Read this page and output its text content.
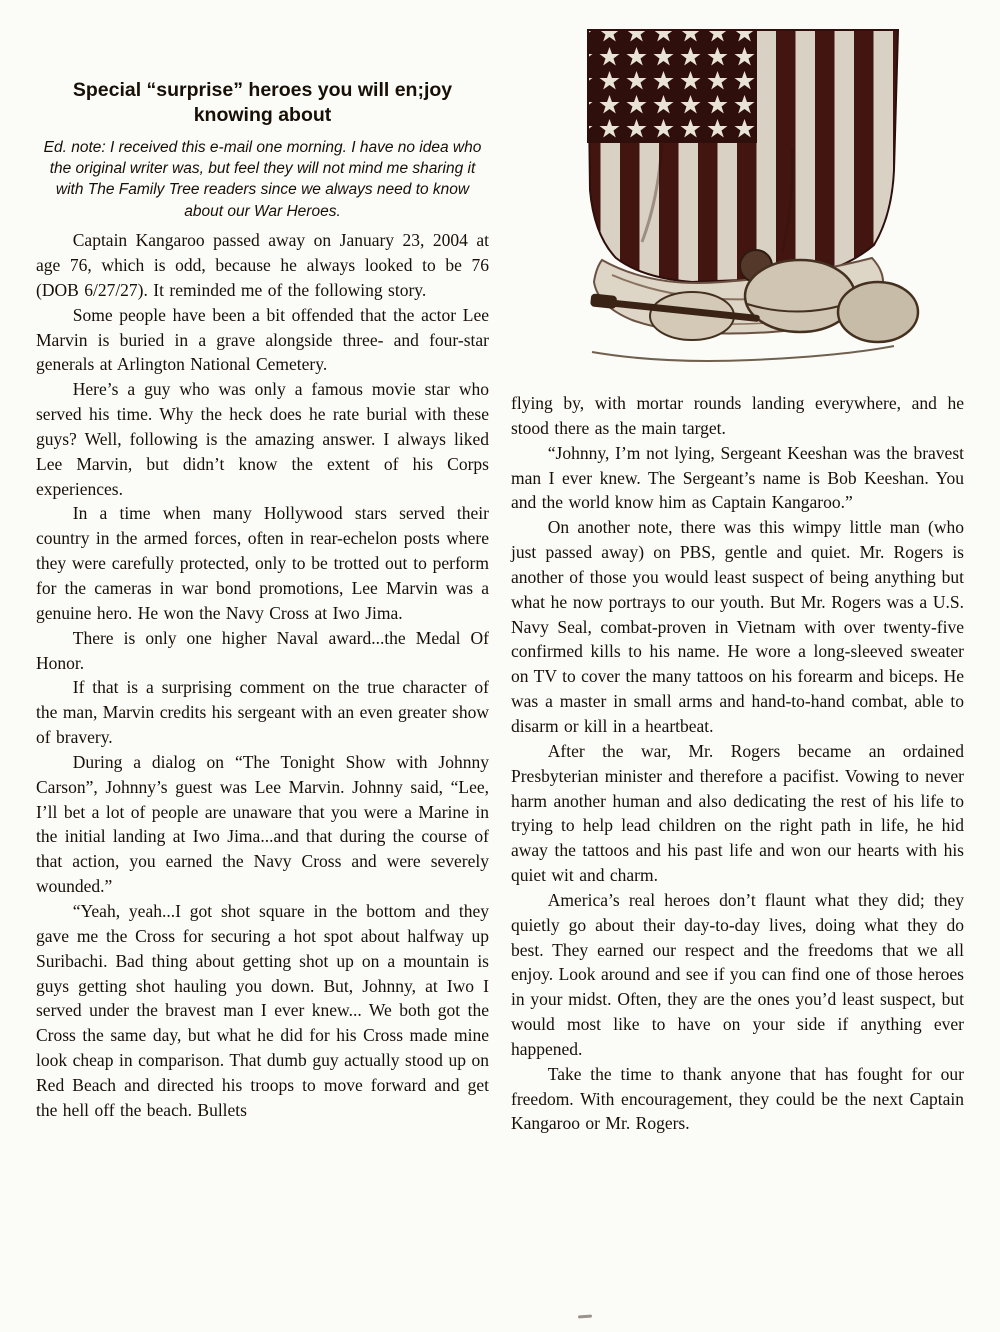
Special “surprise” heroes you will en;joy
knowing about

Ed. note: I received this e-mail one morning. I have no idea who the original writer was, but feel they will not mind me sharing it with The Family Tree readers since we always need to know about our War Heroes.

Captain Kangaroo passed away on January 23, 2004 at age 76, which is odd, because he always looked to be 76 (DOB 6/27/27). It reminded me of the following story.

Some people have been a bit offended that the actor Lee Marvin is buried in a grave alongside three- and four-star generals at Arlington National Cemetery.

Here’s a guy who was only a famous movie star who served his time. Why the heck does he rate burial with these guys? Well, following is the amazing answer. I always liked Lee Marvin, but didn’t know the extent of his Corps experiences.

In a time when many Hollywood stars served their country in the armed forces, often in rear-echelon posts where they were carefully protected, only to be trotted out to perform for the cameras in war bond promotions, Lee Marvin was a genuine hero. He won the Navy Cross at Iwo Jima.

There is only one higher Naval award...the Medal Of Honor.

If that is a surprising comment on the true character of the man, Marvin credits his sergeant with an even greater show of bravery.

During a dialog on “The Tonight Show with Johnny Carson”, Johnny’s guest was Lee Marvin. Johnny said, “Lee, I’ll bet a lot of people are unaware that you were a Marine in the initial landing at Iwo Jima...and that during the course of that action, you earned the Navy Cross and were severely wounded.”

“Yeah, yeah...I got shot square in the bottom and they gave me the Cross for securing a hot spot about halfway up Suribachi. Bad thing about getting shot up on a mountain is guys getting shot hauling you down. But, Johnny, at Iwo I served under the bravest man I ever knew... We both got the Cross the same day, but what he did for his Cross made mine look cheap in comparison. That dumb guy actually stood up on Red Beach and directed his troops to move forward and get the hell off the beach. Bullets

flying by, with mortar rounds landing everywhere, and he stood there as the main target.

“Johnny, I’m not lying, Sergeant Keeshan was the bravest man I ever knew. The Sergeant’s name is Bob Keeshan. You and the world know him as Captain Kangaroo.”

On another note, there was this wimpy little man (who just passed away) on PBS, gentle and quiet. Mr. Rogers is another of those you would least suspect of being anything but what he now portrays to our youth. But Mr. Rogers was a U.S. Navy Seal, combat-proven in Vietnam with over twenty-five confirmed kills to his name. He wore a long-sleeved sweater on TV to cover the many tattoos on his forearm and biceps. He was a master in small arms and hand-to-hand combat, able to disarm or kill in a heartbeat.

After the war, Mr. Rogers became an ordained Presbyterian minister and therefore a pacifist. Vowing to never harm another human and also dedicating the rest of his life to trying to help lead children on the right path in life, he hid away the tattoos and his past life and won our hearts with his quiet wit and charm.

America’s real heroes don’t flaunt what they did; they quietly go about their day-to-day lives, doing what they do best. They earned our respect and the freedoms that we all enjoy. Look around and see if you can find one of those heroes in your midst. Often, they are the ones you’d least suspect, but would most like to have on your side if anything ever happened.

Take the time to thank anyone that has fought for our freedom. With encouragement, they could be the next Captain Kangaroo or Mr. Rogers.
